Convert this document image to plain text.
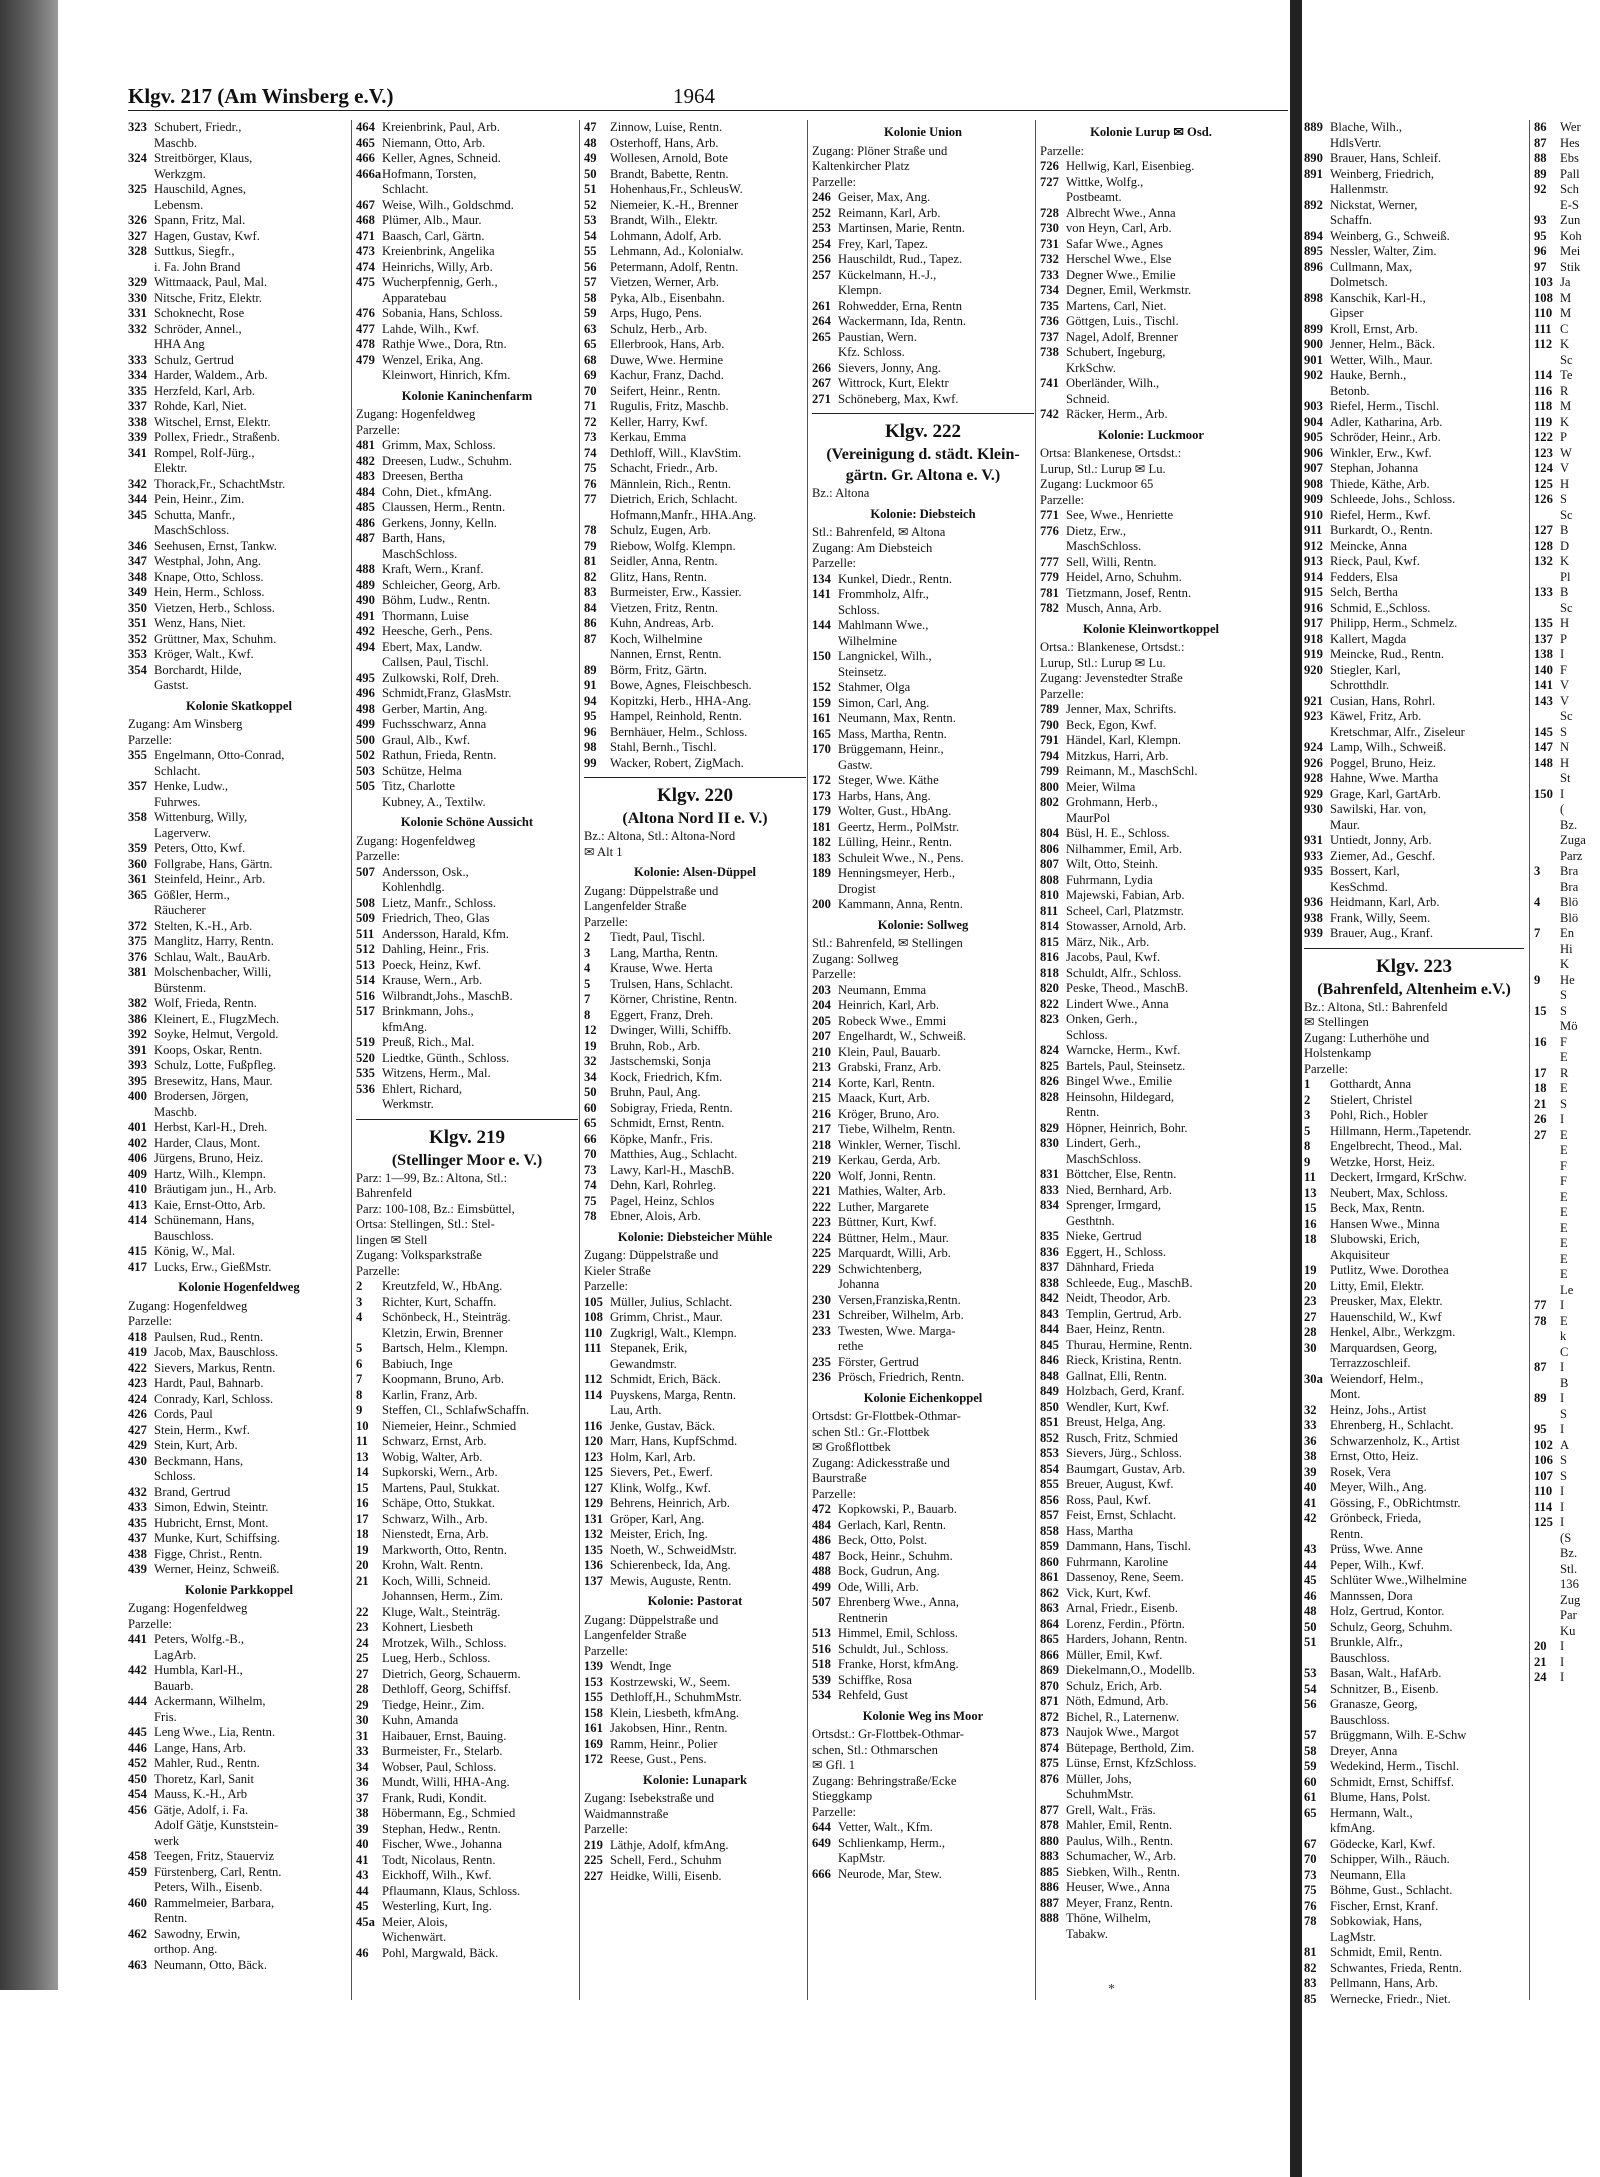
Klgv. 217 (Am Winsberg e.V.)	1964
323 Schubert, Friedr.,
Maschb.
324 Streitbörger, Klaus,
Werkzgm.
325 Hauschild, Agnes,
Lebensm.
326 Spann, Fritz, Mal.
327 Hagen, Gustav, Kwf.
328 Suttkus, Siegfr.,
i. Fa. John Brand
329 Wittmaack, Paul, Mal.
330 Nitsche, Fritz, Elektr.
331 Schoknecht, Rose
332 Schröder, Annel.,
HHA Ang
333 Schulz, Gertrud
334 Harder, Waldem., Arb.
335 Herzfeld, Karl, Arb.
337 Rohde, Karl, Niet.
338 Witschel, Ernst, Elektr.
339 Pollex, Friedr., Straßenb.
341 Rompel, Rolf-Jürg.,
Elektr.
342 Thorack,Fr., SchachtMstr.
344 Pein, Heinr., Zim.
345 Schutta, Manfr.,
MaschSchloss.
346 Seehusen, Ernst, Tankw.
347 Westphal, John, Ang.
348 Knape, Otto, Schloss.
349 Hein, Herm., Schloss.
350 Vietzen, Herb., Schloss.
351 Wenz, Hans, Niet.
352 Grüttner, Max, Schuhm.
353 Kröger, Walt., Kwf.
354 Borchardt, Hilde,
Gastst.
Kolonie Skatkoppel
Zugang: Am Winsberg
Parzelle:
355 Engelmann, Otto-Conrad,
Schlacht.
357 Henke, Ludw.,
Fuhrwes.
358 Wittenburg, Willy,
Lagerverw.
359 Peters, Otto, Kwf.
360 Follgrabe, Hans, Gärtn.
361 Steinfeld, Heinr., Arb.
365 Gößler, Herm.,
Räucherer
372 Stelten, K.-H., Arb.
375 Manglitz, Harry, Rentn.
376 Schlau, Walt., BauArb.
381 Molschenbacher, Willi,
Bürstenm.
382 Wolf, Frieda, Rentn.
386 Kleinert, E., FlugzMech.
392 Soyke, Helmut, Vergold.
391 Koops, Oskar, Rentn.
393 Schulz, Lotte, Fußpfleg.
395 Bresewitz, Hans, Maur.
400 Brodersen, Jörgen,
Maschb.
401 Herbst, Karl-H., Dreh.
402 Harder, Claus, Mont.
406 Jürgens, Bruno, Heiz.
409 Hartz, Wilh., Klempn.
410 Bräutigam jun., H., Arb.
413 Kaie, Ernst-Otto, Arb.
414 Schünemann, Hans,
Bauschloss.
415 König, W., Mal.
417 Lucks, Erw., GießMstr.
Kolonie Hogenfeldweg
Zugang: Hogenfeldweg
Parzelle:
418 Paulsen, Rud., Rentn.
419 Jacob, Max, Bauschloss.
422 Sievers, Markus, Rentn.
423 Hardt, Paul, Bahnarb.
424 Conrady, Karl, Schloss.
426 Cords, Paul
427 Stein, Herm., Kwf.
429 Stein, Kurt, Arb.
430 Beckmann, Hans,
Schloss.
432 Brand, Gertrud
433 Simon, Edwin, Steintr.
435 Hubricht, Ernst, Mont.
437 Munke, Kurt, Schiffsing.
438 Figge, Christ., Rentn.
439 Werner, Heinz, Schweiß.
Kolonie Parkkoppel
Zugang: Hogenfeldweg
Parzelle:
441 Peters, Wolfg.-B.,
LagArb.
442 Humbla, Karl-H.,
Bauarb.
444 Ackermann, Wilhelm,
Fris.
445 Leng Wwe., Lia, Rentn.
446 Lange, Hans, Arb.
452 Mahler, Rud., Rentn.
450 Thoretz, Karl, Sanit
454 Mauss, K.-H., Arb
456 Gätje, Adolf, i. Fa.
Adolf Gätje, Kunststein-
werk
458 Teegen, Fritz, Stauerviz
459 Fürstenberg, Carl, Rentn.
Peters, Wilh., Eisenb.
460 Rammelmeier, Barbara,
Rentn.
462 Sawodny, Erwin,
orthop. Ang.
463 Neumann, Otto, Bäck.
464 Kreienbrink, Paul, Arb.
465 Niemann, Otto, Arb.
466 Keller, Agnes, Schneid.
466aHofmann, Torsten,
Schlacht.
467 Weise, Wilh., Goldschmd.
468 Plümer, Alb., Maur.
471 Baasch, Carl, Gärtn.
473 Kreienbrink, Angelika
474 Heinrichs, Willy, Arb.
475 Wucherpfennig, Gerh.,
Apparatebau
476 Sobania, Hans, Schloss.
477 Lahde, Wilh., Kwf.
478 Rathje Wwe., Dora, Rtn.
479 Wenzel, Erika, Ang.
Kleinwort, Hinrich, Kfm.
Kolonie Kaninchenfarm
Zugang: Hogenfeldweg
Parzelle:
481 Grimm, Max, Schloss.
482 Dreesen, Ludw., Schuhm.
483 Dreesen, Bertha
484 Cohn, Diet., kfmAng.
485 Claussen, Herm., Rentn.
486 Gerkens, Jonny, Kelln.
487 Barth, Hans,
MaschSchloss.
488 Kraft, Wern., Kranf.
489 Schleicher, Georg, Arb.
490 Böhm, Ludw., Rentn.
491 Thormann, Luise
492 Heesche, Gerh., Pens.
494 Ebert, Max, Landw.
Callsen, Paul, Tischl.
495 Zulkowski, Rolf, Dreh.
496 Schmidt,Franz, GlasMstr.
498 Gerber, Martin, Ang.
499 Fuchsschwarz, Anna
500 Graul, Alb., Kwf.
502 Rathun, Frieda, Rentn.
503 Schütze, Helma
505 Titz, Charlotte
Kubney, A., Textilw.
Kolonie Schöne Aussicht
Zugang: Hogenfeldweg
Parzelle:
507 Andersson, Osk.,
Kohlenhdlg.
508 Lietz, Manfr., Schloss.
509 Friedrich, Theo, Glas
511 Andersson, Harald, Kfm.
512 Dahling, Heinr., Fris.
513 Poeck, Heinz, Kwf.
514 Krause, Wern., Arb.
516 Wilbrandt,Johs., MaschB.
517 Brinkmann, Johs.,
kfmAng.
519 Preuß, Rich., Mal.
520 Liedtke, Günth., Schloss.
535 Witzens, Herm., Mal.
536 Ehlert, Richard,
Werkmstr.
Klgv. 219
(Stellinger Moor e. V.)
Parz: 1—99, Bz.: Altona, Stl.:
Bahrenfeld
Parz: 100-108, Bz.: Eimsbüttel,
Ortsa: Stellingen, Stl.: Stel-
lingen ✉ Stell
Zugang: Volksparkstraße
Parzelle:
2 Kreutzfeld, W., HbAng.
3 Richter, Kurt, Schaffn.
4 Schönbeck, H., Steinträg.
Kletzin, Erwin, Brenner
5 Bartsch, Helm., Klempn.
6 Babiuch, Inge
7 Koopmann, Bruno, Arb.
8 Karlin, Franz, Arb.
9 Steffen, Cl., SchlafwSchaffn.
10 Niemeier, Heinr., Schmied
11 Schwarz, Ernst, Arb.
13 Wobig, Walter, Arb.
14 Supkorski, Wern., Arb.
15 Martens, Paul, Stukkat.
16 Schäpe, Otto, Stukkat.
17 Schwarz, Wilh., Arb.
18 Nienstedt, Erna, Arb.
19 Markworth, Otto, Rentn.
20 Krohn, Walt. Rentn.
21 Koch, Willi, Schneid.
Johannsen, Herm., Zim.
22 Kluge, Walt., Steinträg.
23 Kohnert, Liesbeth
24 Mrotzek, Wilh., Schloss.
25 Lueg, Herb., Schloss.
27 Dietrich, Georg, Schauerm.
28 Dethloff, Georg, Schiffsf.
29 Tiedge, Heinr., Zim.
30 Kuhn, Amanda
31 Haibauer, Ernst, Bauing.
33 Burmeister, Fr., Stelarb.
34 Wobser, Paul, Schloss.
36 Mundt, Willi, HHA-Ang.
37 Frank, Rudi, Kondit.
38 Höbermann, Eg., Schmied
39 Stephan, Hedw., Rentn.
40 Fischer, Wwe., Johanna
41 Todt, Nicolaus, Rentn.
43 Eickhoff, Wilh., Kwf.
44 Pflaumann, Klaus, Schloss.
45 Westerling, Kurt, Ing.
45a Meier, Alois,
Wichenwärt.
46 Pohl, Margwald, Bäck.
47 Zinnow, Luise, Rentn.
48 Osterhoff, Hans, Arb.
49 Wollesen, Arnold, Bote
50 Brandt, Babette, Rentn.
51 Hohenhaus,Fr., SchleusW.
52 Niemeier, K.-H., Brenner
53 Brandt, Wilh., Elektr.
54 Lohmann, Adolf, Arb.
55 Lehmann, Ad., Kolonialw.
56 Petermann, Adolf, Rentn.
57 Vietzen, Werner, Arb.
58 Pyka, Alb., Eisenbahn.
59 Arps, Hugo, Pens.
63 Schulz, Herb., Arb.
65 Ellerbrook, Hans, Arb.
68 Duwe, Wwe. Hermine
69 Kachur, Franz, Dachd.
70 Seifert, Heinr., Rentn.
71 Rugulis, Fritz, Maschb.
72 Keller, Harry, Kwf.
73 Kerkau, Emma
74 Dethloff, Will., KlavStim.
75 Schacht, Friedr., Arb.
76 Männlein, Rich., Rentn.
77 Dietrich, Erich, Schlacht.
Hofmann,Manfr., HHA.Ang.
78 Schulz, Eugen, Arb.
79 Riebow, Wolfg. Klempn.
81 Seidler, Anna, Rentn.
82 Glitz, Hans, Rentn.
83 Burmeister, Erw., Kassier.
84 Vietzen, Fritz, Rentn.
86 Kuhn, Andreas, Arb.
87 Koch, Wilhelmine
Nannen, Ernst, Rentn.
89 Börm, Fritz, Gärtn.
91 Bowe, Agnes, Fleischbesch.
94 Kopitzki, Herb., HHA-Ang.
95 Hampel, Reinhold, Rentn.
96 Bernhäuer, Helm., Schloss.
98 Stahl, Bernh., Tischl.
99 Wacker, Robert, ZigMach.
Klgv. 220
(Altona Nord II e. V.)
Bz.: Altona, Stl.: Altona-Nord
✉ Alt 1
Kolonie: Alsen-Düppel
Zugang: Düppelstraße und
Langenfelder Straße
Parzelle:
2 Tiedt, Paul, Tischl.
3 Lang, Martha, Rentn.
4 Krause, Wwe. Herta
5 Trulsen, Hans, Schlacht.
7 Körner, Christine, Rentn.
8 Eggert, Franz, Dreh.
12 Dwinger, Willi, Schiffb.
19 Bruhn, Rob., Arb.
32 Jastschemski, Sonja
34 Kock, Friedrich, Kfm.
50 Bruhn, Paul, Ang.
60 Sobigray, Frieda, Rentn.
65 Schmidt, Ernst, Rentn.
66 Köpke, Manfr., Fris.
70 Matthies, Aug., Schlacht.
73 Lawy, Karl-H., MaschB.
74 Dehn, Karl, Rohrleg.
75 Pagel, Heinz, Schlos
78 Ebner, Alois, Arb.
Kolonie: Diebsteicher Mühle
Zugang: Düppelstraße und
Kieler Straße
Parzelle:
105 Müller, Julius, Schlacht.
108 Grimm, Christ., Maur.
110 Zugkrigl, Walt., Klempn.
111 Stepanek, Erik,
Gewandmstr.
112 Schmidt, Erich, Bäck.
114 Puyskens, Marga, Rentn.
Lau, Arth.
116 Jenke, Gustav, Bäck.
120 Marr, Hans, KupfSchmd.
123 Holm, Karl, Arb.
125 Sievers, Pet., Ewerf.
127 Klink, Wolfg., Kwf.
129 Behrens, Heinrich, Arb.
131 Gröper, Karl, Ang.
132 Meister, Erich, Ing.
135 Noeth, W., SchweidMstr.
136 Schierenbeck, Ida, Ang.
137 Mewis, Auguste, Rentn.
Kolonie: Pastorat
Zugang: Düppelstraße und
Langenfelder Straße
Parzelle:
139 Wendt, Inge
153 Kostrzewski, W., Seem.
155 Dethloff,H., SchuhmMstr.
158 Klein, Liesbeth, kfmAng.
161 Jakobsen, Hinr., Rentn.
169 Ramm, Heinr., Polier
172 Reese, Gust., Pens.
Kolonie: Lunapark
Zugang: Isebekstraße und
Waidmannstraße
Parzelle:
219 Läthje, Adolf, kfmAng.
225 Schell, Ferd., Schuhm
227 Heidke, Willi, Eisenb.
Kolonie Union
Zugang: Plöner Straße und
Kaltenkircher Platz
Parzelle:
246 Geiser, Max, Ang.
252 Reimann, Karl, Arb.
253 Martinsen, Marie, Rentn.
254 Frey, Karl, Tapez.
256 Hauschildt, Rud., Tapez.
257 Kückelmann, H.-J.,
Klempn.
261 Rohwedder, Erna, Rentn
264 Wackermann, Ida, Rentn.
265 Paustian, Wern.
Kfz. Schloss.
266 Sievers, Jonny, Ang.
267 Wittrock, Kurt, Elektr
271 Schöneberg, Max, Kwf.
Klgv. 222
(Vereinigung d. städt. Klein-
gärtn. Gr. Altona e. V.)
Bz.: Altona
Kolonie: Diebsteich
Stl.: Bahrenfeld, ✉ Altona
Zugang: Am Diebsteich
Parzelle:
134 Kunkel, Diedr., Rentn.
141 Frommholz, Alfr.,
Schloss.
144 Mahlmann Wwe.,
Wilhelmine
150 Langnickel, Wilh.,
Steinsetz.
152 Stahmer, Olga
159 Simon, Carl, Ang.
161 Neumann, Max, Rentn.
165 Mass, Martha, Rentn.
170 Brüggemann, Heinr.,
Gastw.
172 Steger, Wwe. Käthe
173 Harbs, Hans, Ang.
179 Wolter, Gust., HbAng.
181 Geertz, Herm., PolMstr.
182 Lülling, Heinr., Rentn.
183 Schuleit Wwe., N., Pens.
189 Henningsmeyer, Herb.,
Drogist
200 Kammann, Anna, Rentn.
Kolonie: Sollweg
Stl.: Bahrenfeld, ✉ Stellingen
Zugang: Sollweg
Parzelle:
203 Neumann, Emma
204 Heinrich, Karl, Arb.
205 Robeck Wwe., Emmi
207 Engelhardt, W., Schweiß.
210 Klein, Paul, Bauarb.
213 Grabski, Franz, Arb.
214 Korte, Karl, Rentn.
215 Maack, Kurt, Arb.
216 Kröger, Bruno, Aro.
217 Tiebe, Wilhelm, Rentn.
218 Winkler, Werner, Tischl.
219 Kerkau, Gerda, Arb.
220 Wolf, Jonni, Rentn.
221 Mathies, Walter, Arb.
222 Luther, Margarete
223 Büttner, Kurt, Kwf.
224 Büttner, Helm., Maur.
225 Marquardt, Willi, Arb.
229 Schwichtenberg,
Johanna
230 Versen,Franziska,Rentn.
231 Schreiber, Wilhelm, Arb.
233 Twesten, Wwe. Marga-
rethe
235 Förster, Gertrud
236 Prösch, Friedrich, Rentn.
Kolonie Eichenkoppel
Ortsdst: Gr-Flottbek-Othmar-
schen Stl.: Gr.-Flottbek
✉ Großflottbek
Zugang: Adickesstraße und
Baurstraße
Parzelle:
472 Kopkowski, P., Bauarb.
484 Gerlach, Karl, Rentn.
486 Beck, Otto, Polst.
487 Bock, Heinr., Schuhm.
488 Bock, Gudrun, Ang.
499 Ode, Willi, Arb.
507 Ehrenberg Wwe., Anna,
Rentnerin
513 Himmel, Emil, Schloss.
516 Schuldt, Jul., Schloss.
518 Franke, Horst, kfmAng.
539 Schiffke, Rosa
534 Rehfeld, Gust
Kolonie Weg ins Moor
Ortsdst.: Gr-Flottbek-Othmar-
schen, Stl.: Othmarschen
✉ Gfl. 1
Zugang: Behringstraße/Ecke
Stieggkamp
Parzelle:
644 Vetter, Walt., Kfm.
649 Schlienkamp, Herm.,
KapMstr.
666 Neurode, Mar, Stew.
Kolonie Lurup ✉ Osd.
Parzelle:
726 Hellwig, Karl, Eisenbieg.
727 Wittke, Wolfg.,
Postbeamt.
728 Albrecht Wwe., Anna
730 von Heyn, Carl, Arb.
731 Safar Wwe., Agnes
732 Herschel Wwe., Else
733 Degner Wwe., Emilie
734 Degner, Emil, Werkmstr.
735 Martens, Carl, Niet.
736 Göttgen, Luis., Tischl.
737 Nagel, Adolf, Brenner
738 Schubert, Ingeburg,
KrkSchw.
741 Oberländer, Wilh.,
Schneid.
742 Räcker, Herm., Arb.
Kolonie: Luckmoor
Ortsa: Blankenese, Ortsdst.:
Lurup, Stl.: Lurup ✉ Lu.
Zugang: Luckmoor 65
Parzelle:
771 See, Wwe., Henriette
776 Dietz, Erw.,
MaschSchloss.
777 Sell, Willi, Rentn.
779 Heidel, Arno, Schuhm.
781 Tietzmann, Josef, Rentn.
782 Musch, Anna, Arb.
Kolonie Kleinwortkoppel
Ortsa.: Blankenese, Ortsdst.:
Lurup, Stl.: Lurup ✉ Lu.
Zugang: Jevenstedter Straße
Parzelle:
789 Jenner, Max, Schrifts.
790 Beck, Egon, Kwf.
791 Händel, Karl, Klempn.
794 Mitzkus, Harri, Arb.
799 Reimann, M., MaschSchl.
800 Meier, Wilma
802 Grohmann, Herb.,
MaurPol
804 Büsl, H. E., Schloss.
806 Nilhammer, Emil, Arb.
807 Wilt, Otto, Steinh.
808 Fuhrmann, Lydia
810 Majewski, Fabian, Arb.
811 Scheel, Carl, Platzmstr.
814 Stowasser, Arnold, Arb.
815 März, Nik., Arb.
816 Jacobs, Paul, Kwf.
818 Schuldt, Alfr., Schloss.
820 Peske, Theod., MaschB.
822 Lindert Wwe., Anna
823 Onken, Gerh.,
Schloss.
824 Warncke, Herm., Kwf.
825 Bartels, Paul, Steinsetz.
826 Bingel Wwe., Emilie
828 Heinsohn, Hildegard,
Rentn.
829 Höpner, Heinrich, Bohr.
830 Lindert, Gerh.,
MaschSchloss.
831 Böttcher, Else, Rentn.
833 Nied, Bernhard, Arb.
834 Sprenger, Irmgard,
Gesthtnh.
835 Nieke, Gertrud
836 Eggert, H., Schloss.
837 Dähnhard, Frieda
838 Schleede, Eug., MaschB.
842 Neidt, Theodor, Arb.
843 Templin, Gertrud, Arb.
844 Baer, Heinz, Rentn.
845 Thurau, Hermine, Rentn.
846 Rieck, Kristina, Rentn.
848 Gallnat, Elli, Rentn.
849 Holzbach, Gerd, Kranf.
850 Wendler, Kurt, Kwf.
851 Breust, Helga, Ang.
852 Rusch, Fritz, Schmied
853 Sievers, Jürg., Schloss.
854 Baumgart, Gustav, Arb.
855 Breuer, August, Kwf.
856 Ross, Paul, Kwf.
857 Feist, Ernst, Schlacht.
858 Hass, Martha
859 Dammann, Hans, Tischl.
860 Fuhrmann, Karoline
861 Dassenoy, Rene, Seem.
862 Vick, Kurt, Kwf.
863 Arnal, Friedr., Eisenb.
864 Lorenz, Ferdin., Pförtn.
865 Harders, Johann, Rentn.
866 Müller, Emil, Kwf.
869 Diekelmann,O., Modellb.
870 Schulz, Erich, Arb.
871 Nöth, Edmund, Arb.
872 Bichel, R., Laternenw.
873 Naujok Wwe., Margot
874 Bütepage, Berthold, Zim.
875 Lünse, Ernst, KfzSchloss.
876 Müller, Johs,
SchuhmMstr.
877 Grell, Walt., Fräs.
878 Mahler, Emil, Rentn.
880 Paulus, Wilh., Rentn.
883 Schumacher, W., Arb.
885 Siebken, Wilh., Rentn.
886 Heuser, Wwe., Anna
887 Meyer, Franz, Rentn.
888 Thöne, Wilhelm,
Tabakw.
*
889 Blache, Wilh.,
HdlsVertr.
890 Brauer, Hans, Schleif.
891 Weinberg, Friedrich,
Hallenmstr.
892 Nickstat, Werner,
Schaffn.
894 Weinberg, G., Schweiß.
895 Nessler, Walter, Zim.
896 Cullmann, Max,
Dolmetsch.
898 Kanschik, Karl-H.,
Gipser
899 Kroll, Ernst, Arb.
900 Jenner, Helm., Bäck.
901 Wetter, Wilh., Maur.
902 Hauke, Bernh.,
Betonb.
903 Riefel, Herm., Tischl.
904 Adler, Katharina, Arb.
905 Schröder, Heinr., Arb.
906 Winkler, Erw., Kwf.
907 Stephan, Johanna
908 Thiede, Käthe, Arb.
909 Schleede, Johs., Schloss.
910 Riefel, Herm., Kwf.
911 Burkardt, O., Rentn.
912 Meincke, Anna
913 Rieck, Paul, Kwf.
914 Fedders, Elsa
915 Selch, Bertha
916 Schmid, E.,Schloss.
917 Philipp, Herm., Schmelz.
918 Kallert, Magda
919 Meincke, Rud., Rentn.
920 Stiegler, Karl,
Schrotthdlr.
921 Cusian, Hans, Rohrl.
923 Käwel, Fritz, Arb.
Kretschmar, Alfr., Ziseleur
924 Lamp, Wilh., Schweiß.
926 Poggel, Bruno, Heiz.
928 Hahne, Wwe. Martha
929 Grage, Karl, GartArb.
930 Sawilski, Har. von,
Maur.
931 Untiedt, Jonny, Arb.
933 Ziemer, Ad., Geschf.
935 Bossert, Karl,
KesSchmd.
936 Heidmann, Karl, Arb.
938 Frank, Willy, Seem.
939 Brauer, Aug., Kranf.
Klgv. 223
(Bahrenfeld, Altenheim e.V.)
Bz.: Altona, Stl.: Bahrenfeld
✉ Stellingen
Zugang: Lutherhöhe und
Holstenkamp
Parzelle:
1 Gotthardt, Anna
2 Stielert, Christel
3 Pohl, Rich., Hobler
5 Hillmann, Herm.,Tapetendr.
8 Engelbrecht, Theod., Mal.
9 Wetzke, Horst, Heiz.
11 Deckert, Irmgard, KrSchw.
13 Neubert, Max, Schloss.
15 Beck, Max, Rentn.
16 Hansen Wwe., Minna
18 Slubowski, Erich,
Akquisiteur
19 Putlitz, Wwe. Dorothea
20 Litty, Emil, Elektr.
23 Preusker, Max, Elektr.
27 Hauenschild, W., Kwf
28 Henkel, Albr., Werkzgm.
30 Marquardsen, Georg,
Terrazzoschleif.
30a Weiendorf, Helm.,
Mont.
32 Heinz, Johs., Artist
33 Ehrenberg, H., Schlacht.
36 Schwarzenholz, K., Artist
38 Ernst, Otto, Heiz.
39 Rosek, Vera
40 Meyer, Wilh., Ang.
41 Gössing, F., ObRichtmstr.
42 Grönbeck, Frieda,
Rentn.
43 Prüss, Wwe. Anne
44 Peper, Wilh., Kwf.
45 Schlüter Wwe.,Wilhelmine
46 Mannssen, Dora
48 Holz, Gertrud, Kontor.
50 Schulz, Georg, Schuhm.
51 Brunkle, Alfr.,
Bauschloss.
53 Basan, Walt., HafArb.
54 Schnitzer, B., Eisenb.
56 Granasze, Georg,
Bauschloss.
57 Brüggmann, Wilh. E-Schw
58 Dreyer, Anna
59 Wedekind, Herm., Tischl.
60 Schmidt, Ernst, Schiffsf.
61 Blume, Hans, Polst.
65 Hermann, Walt.,
kfmAng.
67 Gödecke, Karl, Kwf.
70 Schipper, Wilh., Räuch.
73 Neumann, Ella
75 Böhme, Gust., Schlacht.
76 Fischer, Ernst, Kranf.
78 Sobkowiak, Hans,
LagMstr.
81 Schmidt, Emil, Rentn.
82 Schwantes, Frieda, Rentn.
83 Pellmann, Hans, Arb.
85 Wernecke, Friedr., Niet.
86 Wer
87 Hes
88 Ebs
89 Pall
92 Sch
E-S
93 Zun
95 Koh
96 Mei
97 Stik
103 Ja
108 M
110 M
111 C
112 K
Sc
114 Te
116 R
118 M
119 K
122 P
123 W
124 V
125 H
126 S
Sc
127 B
128 D
132 K
Pl
133 B
Sc
135 H
137 P
138 I
140 F
141 V
143 V
Sc
145 S
147 N
148 H
St
150 I
(
Bz.
Zuga
Parz
3 Bra
Bra
4 Blö
Blö
7 En
Hi
K
9 He
S
15 S
Mö
16 F
E
17 R
18 E
21 S
26 I
27 E
E
F
F
E
E
E
E
E
E
Le
77 I
78 E
k
C
87 I
B
89 I
S
95 I
102 A
106 S
107 S
110 I
114 I
125 I
(S
Bz.
Stl.
136
Zug
Par
Ku
20 I
21 I
24 I
